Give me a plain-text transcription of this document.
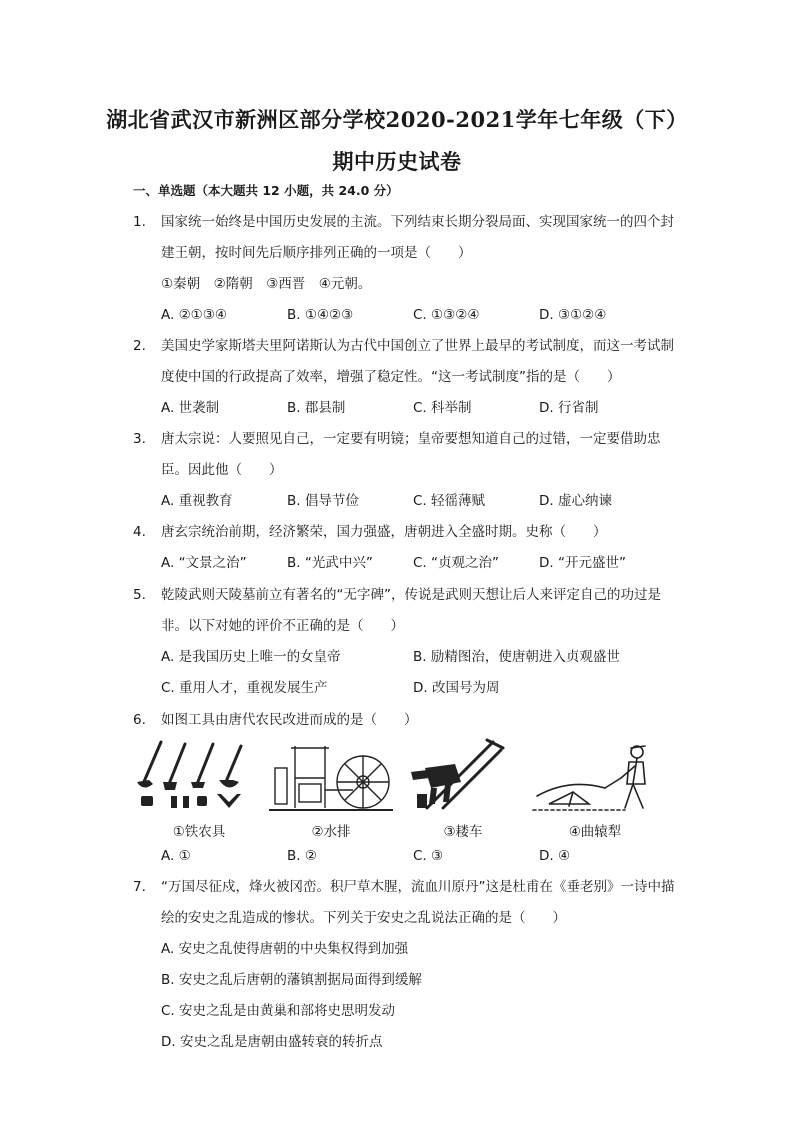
湖北省武汉市新洲区部分学校2020-2021学年七年级（下）
期中历史试卷
一、单选题（本大题共 12 小题，共 24.0 分）
1.	国家统一始终是中国历史发展的主流。下列结束长期分裂局面、实现国家统一的四个封建王朝，按时间先后顺序排列正确的一项是（　　）
①秦朝　②隋朝　③西晋　④元朝。
A. ②①③④	B. ①④②③	C. ①③②④	D. ③①②④
2.	美国史学家斯塔夫里阿诺斯认为古代中国创立了世界上最早的考试制度，而这一考试制度使中国的行政提高了效率，增强了稳定性。“这一考试制度”指的是（　　）
A. 世袭制	B. 郡县制	C. 科举制	D. 行省制
3.	唐太宗说：人要照见自己，一定要有明镜；皇帝要想知道自己的过错，一定要借助忠臣。因此他（　　）
A. 重视教育	B. 倡导节俭	C. 轻徭薄赋	D. 虚心纳谏
4.	唐玄宗统治前期，经济繁荣，国力强盛，唐朝进入全盛时期。史称（　　）
A. “文景之治”	B. “光武中兴”	C. “贞观之治”	D. “开元盛世”
5.	乾陵武则天陵墓前立有著名的“无字碑”，传说是武则天想让后人来评定自己的功过是非。以下对她的评价不正确的是（　　）
A. 是我国历史上唯一的女皇帝	B. 励精图治，使唐朝进入贞观盛世
C. 重用人才，重视发展生产	D. 改国号为周
6.	如图工具由唐代农民改进而成的是（　　）
①铁农具	②水排	③耧车	④曲辕犁
A. ①	B. ②	C. ③	D. ④
7.	“万国尽征戍，烽火被冈峦。积尸草木腥，流血川原丹”这是杜甫在《垂老别》一诗中描绘的安史之乱造成的惨状。下列关于安史之乱说法正确的是（　　）
A. 安史之乱使得唐朝的中央集权得到加强
B. 安史之乱后唐朝的藩镇割据局面得到缓解
C. 安史之乱是由黄巢和部将史思明发动
D. 安史之乱是唐朝由盛转衰的转折点
